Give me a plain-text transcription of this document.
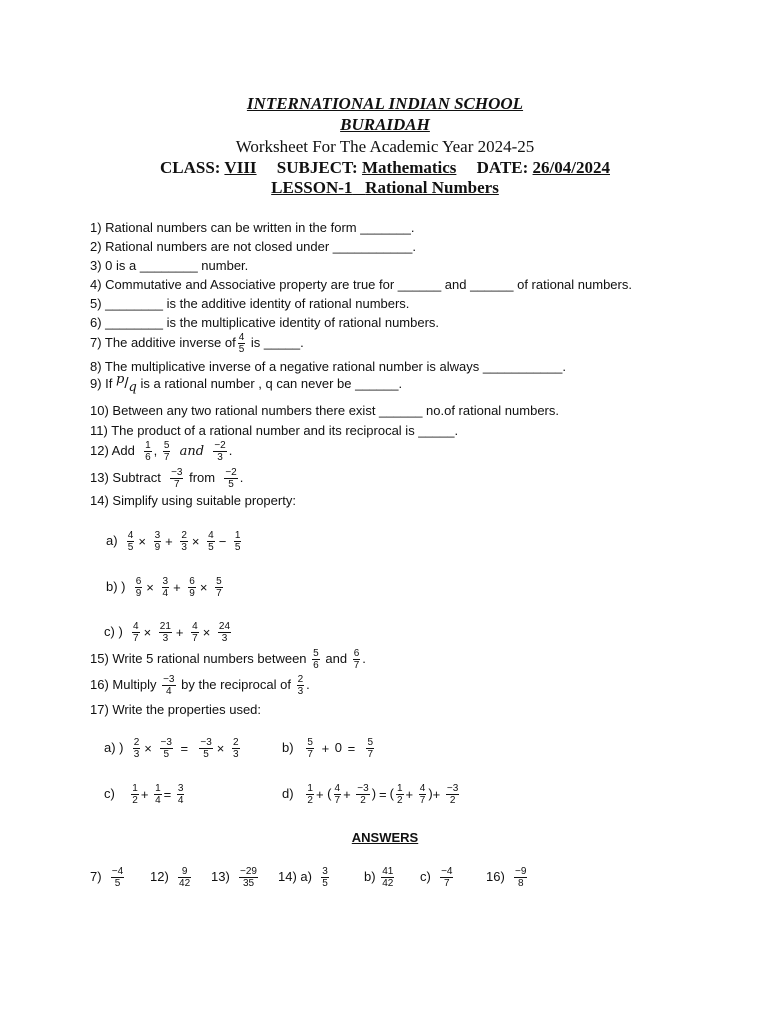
INTERNATIONAL INDIAN SCHOOL
BURAIDAH
Worksheet For The Academic Year 2024-25
CLASS: VIII SUBJECT: Mathematics DATE: 26/04/2024
LESSON-1 Rational Numbers
1) Rational numbers can be written in the form _______.
2) Rational numbers are not closed under ___________.
3) 0 is a ________ number.
4) Commutative and Associative property are true for ______ and ______ of rational numbers.
5) ________ is the additive identity of rational numbers.
6) ________ is the multiplicative identity of rational numbers.
7) The additive inverse of $\frac{4}{5}$ is _____.
8) The multiplicative inverse of a negative rational number is always ___________.
9) If p/q is a rational number , q can never be ______.
10) Between any two rational numbers there exist ______ no.of rational numbers.
11) The product of a rational number and its reciprocal is _____.
12) Add $\frac{1}{6}$ , $\frac{5}{7}$ and $\frac{-2}{3}$ .
13) Subtract $\frac{-3}{7}$ from $\frac{-2}{5}$ .
14) Simplify using suitable property:
$a) \frac{4}{5} \times \frac{3}{9} + \frac{2}{3} \times \frac{4}{5} - \frac{1}{5}$
b) ) $\frac{6}{9} \times \frac{3}{4} + \frac{6}{9} \times \frac{5}{7}$
c) ) $\frac{4}{7} \times \frac{21}{3} + \frac{4}{7} \times \frac{24}{3}$
15) Write 5 rational numbers between $\frac{5}{6}$ and $\frac{6}{7}$ .
16) Multiply $\frac{-3}{4}$ by the reciprocal of $\frac{2}{3}$ .
17) Write the properties used:
a) ) $\frac{2}{3} \times \frac{-3}{5} = \frac{-3}{5} \times \frac{2}{3}$	$b) \frac{5}{7} + 0 = \frac{5}{7}$
$c) \frac{1}{2} + \frac{1}{4} = \frac{3}{4}$	$d) \frac{1}{2}$ + ( $\frac{4}{7} + \frac{-3}{2}$ ) = ( $\frac{1}{2} + \frac{4}{7}$ )+ $\frac{-3}{2}$
ANSWERS
$7) \frac{-4}{5} 12) \frac{9}{42} 13) \frac{-29}{35} 14$) $a) \frac{3}{5}$	$b) \frac{41}{42} c) \frac{-4}{7}$	$16) \frac{-9}{8}$
